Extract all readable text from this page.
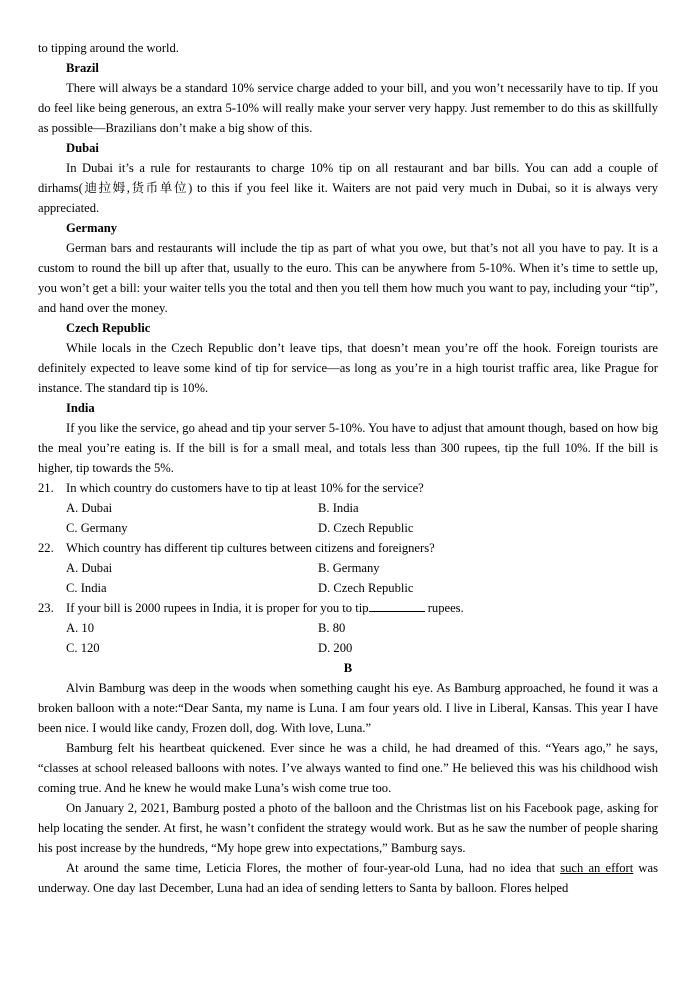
to tipping around the world.

Brazil

There will always be a standard 10% service charge added to your bill, and you won’t necessarily have to tip. If you do feel like being generous, an extra 5-10% will really make your server very happy. Just remember to do this as skillfully as possible—Brazilians don’t make a big show of this.

Dubai

In Dubai it’s a rule for restaurants to charge 10% tip on all restaurant and bar bills. You can add a couple of dirhams(迪拉姆,货币单位) to this if you feel like it. Waiters are not paid very much in Dubai, so it is always very appreciated.

Germany

German bars and restaurants will include the tip as part of what you owe, but that’s not all you have to pay. It is a custom to round the bill up after that, usually to the euro. This can be anywhere from 5-10%. When it’s time to settle up, you won’t get a bill: your waiter tells you the total and then you tell them how much you want to pay, including your “tip”, and hand over the money.

Czech Republic

While locals in the Czech Republic don’t leave tips, that doesn’t mean you’re off the hook. Foreign tourists are definitely expected to leave some kind of tip for service—as long as you’re in a high tourist traffic area, like Prague for instance. The standard tip is 10%.

India

If you like the service, go ahead and tip your server 5-10%. You have to adjust that amount though, based on how big the meal you’re eating is. If the bill is for a small meal, and totals less than 300 rupees, tip the full 10%. If the bill is higher, tip towards the 5%.

21. In which country do customers have to tip at least 10% for the service?
A. Dubai	B. India
C. Germany	D. Czech Republic
22. Which country has different tip cultures between citizens and foreigners?
A. Dubai	B. Germany
C. India	D. Czech Republic
23. If your bill is 2000 rupees in India, it is proper for you to tip	rupees.
A. 10	B. 80
C. 120	D. 200
B

Alvin Bamburg was deep in the woods when something caught his eye. As Bamburg approached, he found it was a broken balloon with a note:“Dear Santa, my name is Luna. I am four years old. I live in Liberal, Kansas. This year I have been nice. I would like candy, Frozen doll, dog. With love, Luna.”

Bamburg felt his heartbeat quickened. Ever since he was a child, he had dreamed of this. “Years ago,” he says, “classes at school released balloons with notes. I’ve always wanted to find one.” He believed this was his childhood wish coming true. And he knew he would make Luna’s wish come true too.

On January 2, 2021, Bamburg posted a photo of the balloon and the Christmas list on his Facebook page, asking for help locating the sender. At first, he wasn’t confident the strategy would work. But as he saw the number of people sharing his post increase by the hundreds, “My hope grew into expectations,” Bamburg says.

At around the same time, Leticia Flores, the mother of four-year-old Luna, had no idea that such an effort was underway. One day last December, Luna had an idea of sending letters to Santa by balloon. Flores helped
